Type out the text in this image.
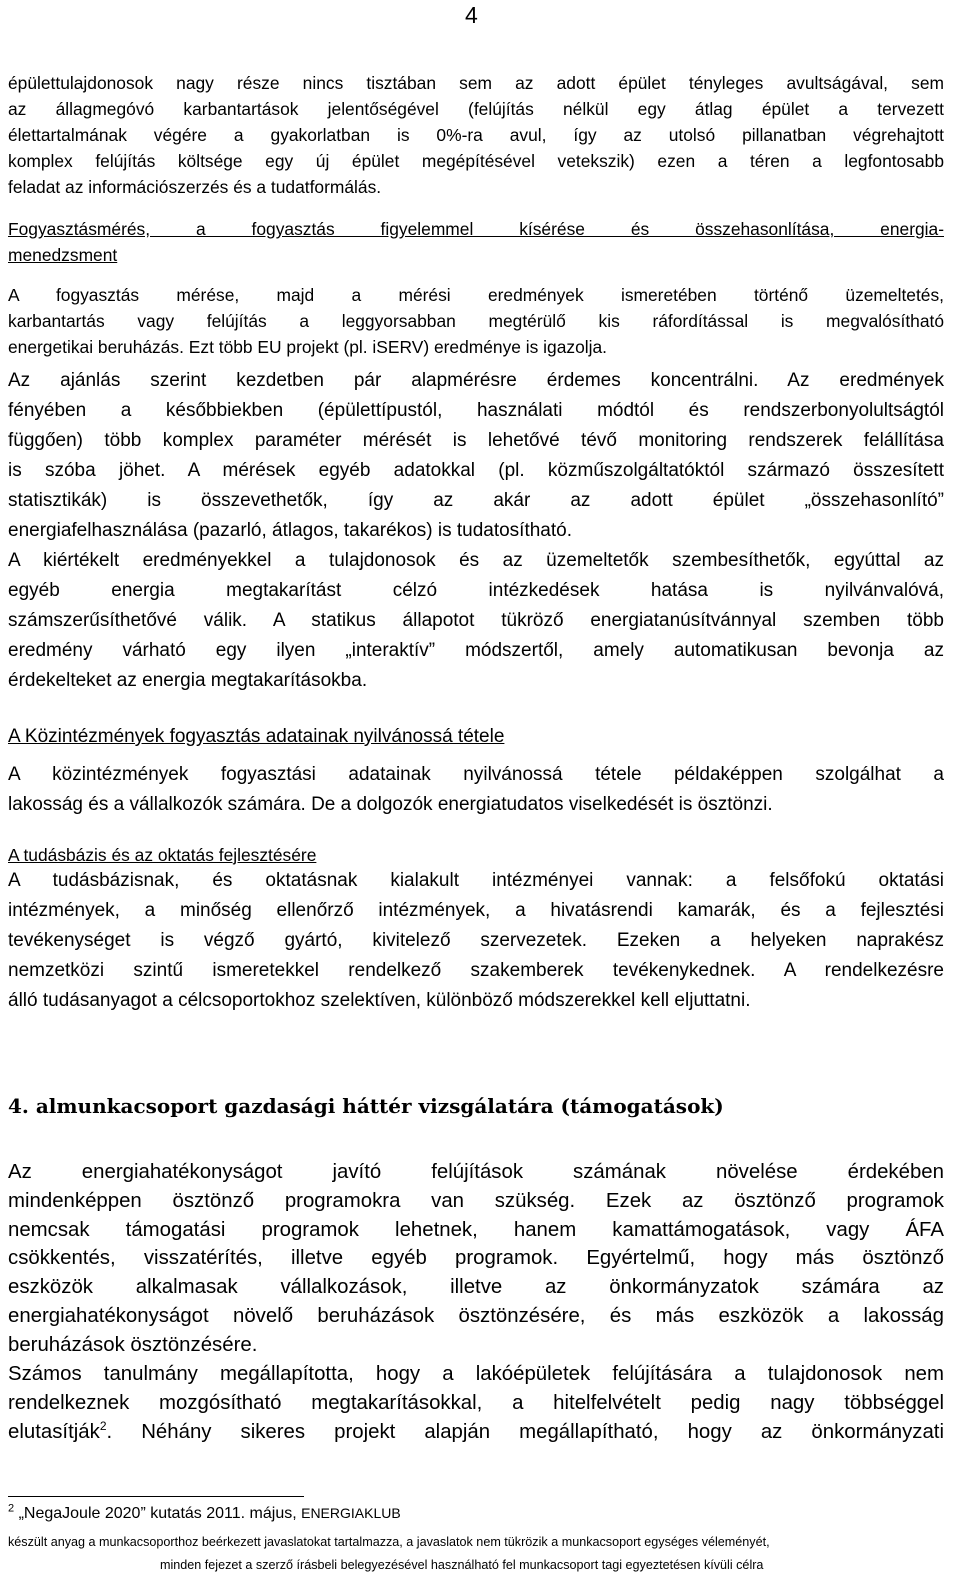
4
épülettulajdonosok nagy része nincs tisztában sem az adott épület tényleges avultságával, sem
az állagmegóvó karbantartások jelentőségével (felújítás nélkül egy átlag épület a tervezett
élettartalmának végére a gyakorlatban is 0%-ra avul, így az utolsó pillanatban végrehajtott
komplex felújítás költsége egy új épület megépítésével vetekszik) ezen a téren a legfontosabb
feladat az információszerzés és a tudatformálás.
Fogyasztásmérés, a fogyasztás figyelemmel kísérése és összehasonlítása, energia-
menedzsment
A fogyasztás mérése, majd a mérési eredmények ismeretében történő üzemeltetés,
karbantartás vagy felújítás a leggyorsabban megtérülő kis ráfordítással is megvalósítható
energetikai beruházás. Ezt több EU projekt (pl. iSERV) eredménye is igazolja.
Az ajánlás szerint kezdetben pár alapmérésre érdemes koncentrálni. Az eredmények
fényében a későbbiekben (épülettípustól, használati módtól és rendszerbonyolultságtól
függően) több komplex paraméter mérését is lehetővé tévő monitoring rendszerek felállítása
is szóba jöhet. A mérések egyéb adatokkal (pl. közműszolgáltatóktól származó összesített
statisztikák) is összevethetők, így az akár az adott épület „összehasonlító”
energiafelhasználása (pazarló, átlagos, takarékos) is tudatosítható.
A kiértékelt eredményekkel a tulajdonosok és az üzemeltetők szembesíthetők, egyúttal az
egyéb energia megtakarítást célzó intézkedések hatása is nyilvánvalóvá,
számszerűsíthetővé válik. A statikus állapotot tükröző energiatanúsítvánnyal szemben több
eredmény várható egy ilyen „interaktív” módszertől, amely automatikusan bevonja az
érdekelteket az energia megtakarításokba.
A Közintézmények fogyasztás adatainak nyilvánossá tétele
A közintézmények fogyasztási adatainak nyilvánossá tétele példaképpen szolgálhat a
lakosság és a vállalkozók számára. De a dolgozók energiatudatos viselkedését is ösztönzi.
A tudásbázis és az oktatás fejlesztésére
A tudásbázisnak, és oktatásnak kialakult intézményei vannak: a felsőfokú oktatási
intézmények, a minőség ellenőrző intézmények, a hivatásrendi kamarák, és a fejlesztési
tevékenységet is végző gyártó, kivitelező szervezetek. Ezeken a helyeken naprakész
nemzetközi szintű ismeretekkel rendelkező szakemberek tevékenykednek. A rendelkezésre
álló tudásanyagot a célcsoportokhoz szelektíven, különböző módszerekkel kell eljuttatni.
4. almunkacsoport gazdasági háttér vizsgálatára (támogatások)
Az energiahatékonyságot javító felújítások számának növelése érdekében
mindenképpen ösztönző programokra van szükség. Ezek az ösztönző programok
nemcsak támogatási programok lehetnek, hanem kamattámogatások, vagy ÁFA
csökkentés, visszatérítés, illetve egyéb programok. Egyértelmű, hogy más ösztönző
eszközök alkalmasak vállalkozások, illetve az önkormányzatok számára az
energiahatékonyságot növelő beruházások ösztönzésére, és más eszközök a lakosság
beruházások ösztönzésére.
Számos tanulmány megállapította, hogy a lakóépületek felújítására a tulajdonosok nem
rendelkeznek mozgósítható megtakarításokkal, a hitelfelvételt pedig nagy többséggel
elutasítják$^2$. Néhány sikeres projekt alapján megállapítható, hogy az önkormányzati
$^2$ „NegaJoule 2020” kutatás 2011. május, ENERGIAKLUB
készült anyag a munkacsoporthoz beérkezett javaslatokat tartalmazza, a javaslatok nem tükrözik a munkacsoport egységes véleményét,
minden fejezet a szerző írásbeli belegyezésével használható fel munkacsoport tagi egyeztetésen kívüli célra
